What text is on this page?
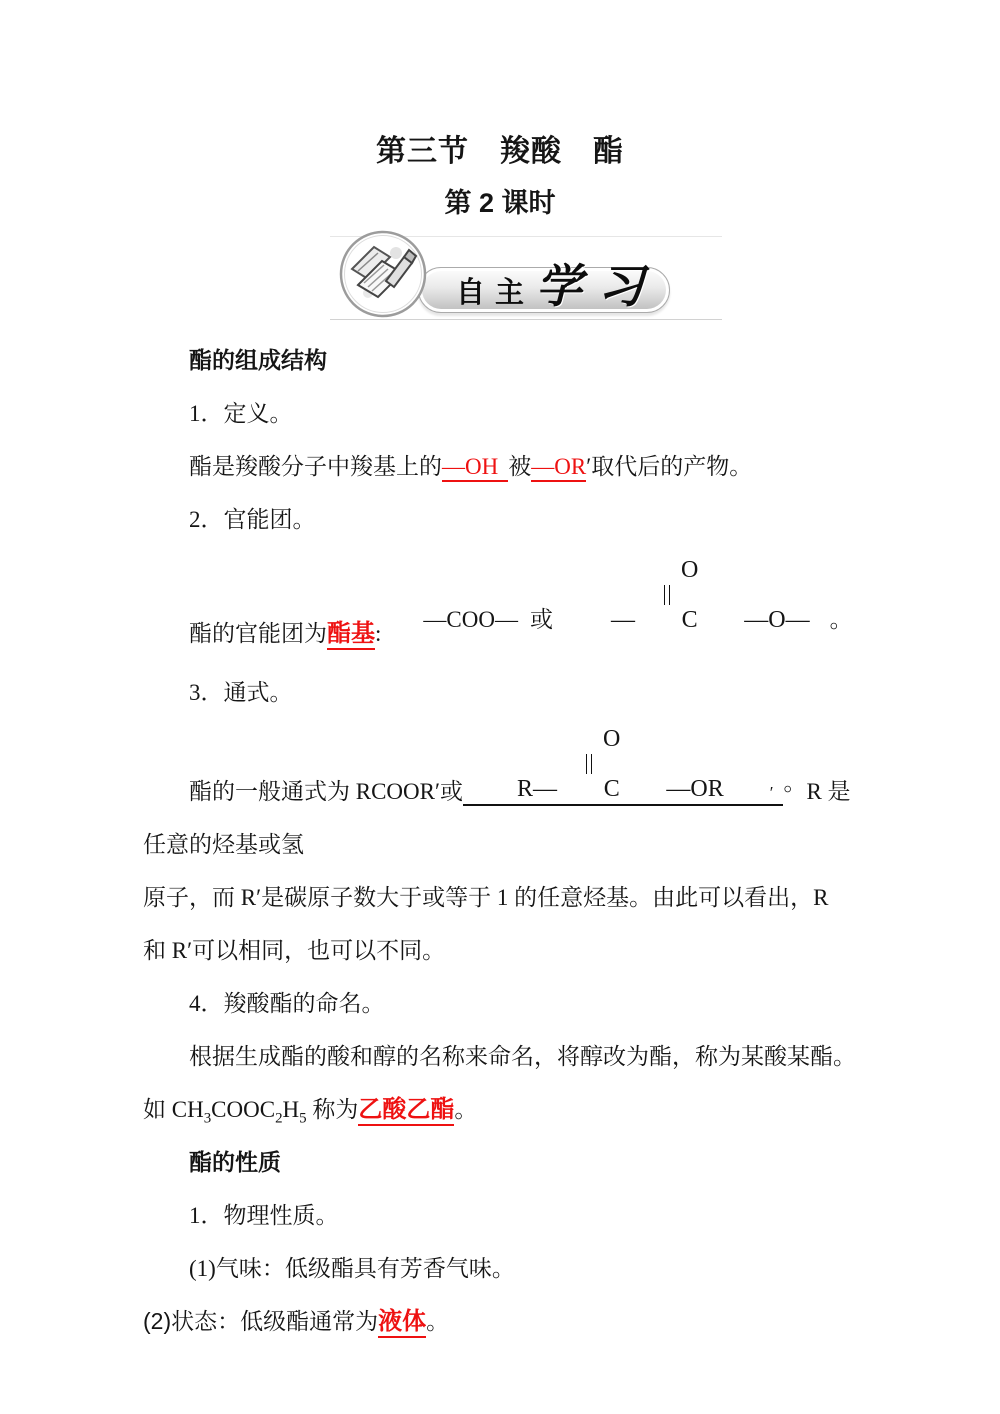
第三节　羧酸　酯
第 2 课时
自主 学习

酯的组成结构

1．定义。

酯是羧酸分子中羧基上的—OH 被—OR′取代后的产物。

2．官能团。

酯的官能团为酯基:—COO— 或	—
O
C	—O— 。

3．通式。

酯的一般通式为 RCOOR′或	R—
O
C	—OR	′ 。R 是任意的烃基或氢

原子，而 R′是碳原子数大于或等于 1 的任意烃基。由此可以看出，R

和 R′可以相同，也可以不同。

4．羧酸酯的命名。

根据生成酯的酸和醇的名称来命名，将醇改为酯，称为某酸某酯。

如 $CH_3COOC_2H_5$ 称为乙酸乙酯。

酯的性质

1．物理性质。

(1)气味：低级酯具有芳香气味。

(2)状态：低级酯通常为液体。
